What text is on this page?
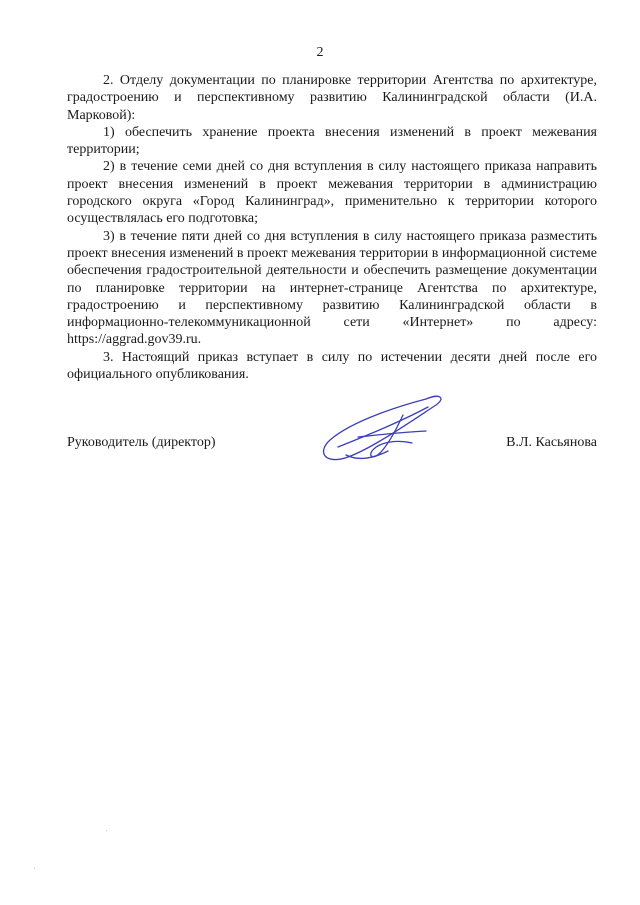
2

2. Отделу документации по планировке территории Агентства по архитектуре, градостроению и перспективному развитию Калининградской области (И.А. Марковой):

1) обеспечить хранение проекта внесения изменений в проект межевания территории;

2) в течение семи дней со дня вступления в силу настоящего приказа направить проект внесения изменений в проект межевания территории в администрацию городского округа «Город Калининград», применительно к территории которого осуществлялась его подготовка;

3) в течение пяти дней со дня вступления в силу настоящего приказа разместить проект внесения изменений в проект межевания территории в информационной системе обеспечения градостроительной деятельности и обеспечить размещение документации по планировке территории на интернет-странице Агентства по архитектуре, градостроению и перспективному развитию Калининградской области в информационно-телекоммуникационной сети «Интернет» по адресу: https://aggrad.gov39.ru.

3. Настоящий приказ вступает в силу по истечении десяти дней после его официального опубликования.

Руководитель (директор)	В.Л. Касьянова
